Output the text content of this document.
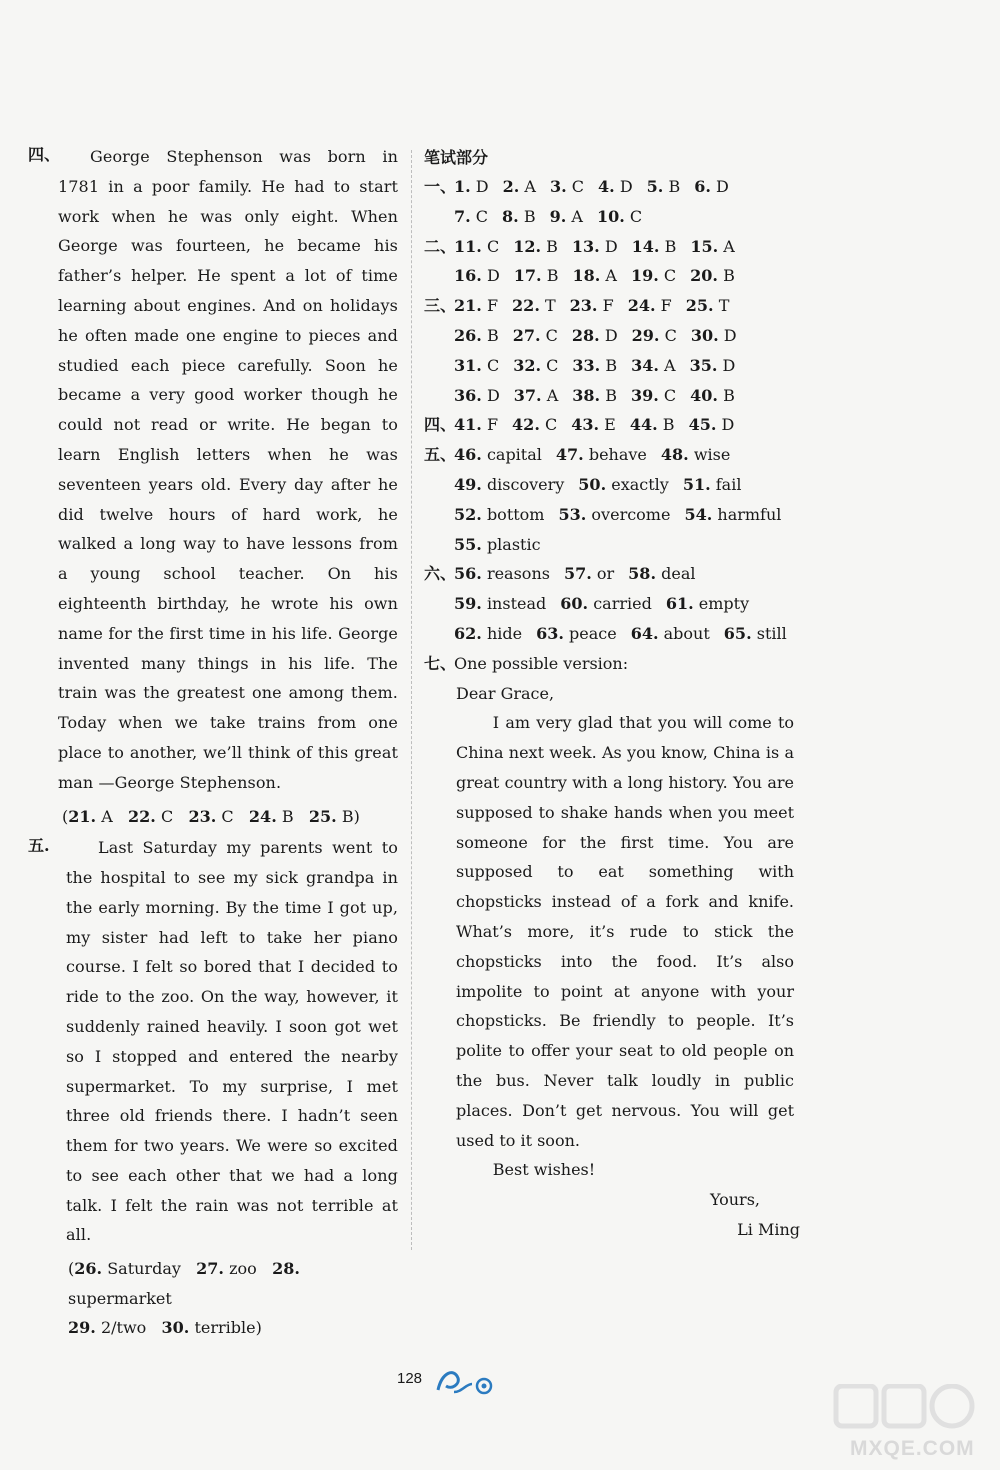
四、	George Stephenson was born in 1781 in a poor family. He had to start work when he was only eight. When George was fourteen, he became his father’s helper. He spent a lot of time learning about engines. And on holidays he often made one engine to pieces and studied each piece carefully. Soon he became a very good worker though he could not read or write. He began to learn English letters when he was seventeen years old. Every day after he did twelve hours of hard work, he walked a long way to have lessons from a young school teacher. On his eighteenth birthday, he wrote his own name for the first time in his life. George invented many things in his life. The train was the greatest one among them. Today when we take trains from one place to another, we’ll think of this great man —George Stephenson.

(21. A 22. C 23. C 24. B 25. B)
五.	Last Saturday my parents went to the hospital to see my sick grandpa in the early morning. By the time I got up, my sister had left to take her piano course. I felt so bored that I decided to ride to the zoo. On the way, however, it suddenly rained heavily. I soon got wet so I stopped and entered the nearby supermarket. To my surprise, I met three old friends there. I hadn’t seen them for two years. We were so excited to see each other that we had a long talk. I felt the rain was not terrible at all.

(26. Saturday 27. zoo 28. supermarket
29. 2/two 30. terrible)
笔试部分
一、1. D 2. A 3. C 4. D 5. B 6. D
7. C 8. B 9. A 10. C
二、11. C 12. B 13. D 14. B 15. A
16. D 17. B 18. A 19. C 20. B
三、21. F 22. T 23. F 24. F 25. T
26. B 27. C 28. D 29. C 30. D
31. C 32. C 33. B 34. A 35. D
36. D 37. A 38. B 39. C 40. B
四、41. F 42. C 43. E 44. B 45. D
五、46. capital 47. behave 48. wise
49. discovery 50. exactly 51. fail
52. bottom 53. overcome 54. harmful
55. plastic
六、56. reasons 57. or 58. deal
59. instead 60. carried 61. empty
62. hide 63. peace 64. about 65. still
七、One possible version:

Dear Grace,

I am very glad that you will come to China next week. As you know, China is a great country with a long history. You are supposed to shake hands when you meet someone for the first time. You are supposed to eat something with chopsticks instead of a fork and knife. What’s more, it’s rude to stick the chopsticks into the food. It’s also impolite to point at anyone with your chopsticks. Be friendly to people. It’s polite to offer your seat to old people on the bus. Never talk loudly in public places. Don’t get nervous. You will get used to it soon.

Best wishes!

Yours,

Li Ming

128
MXQE.COM
